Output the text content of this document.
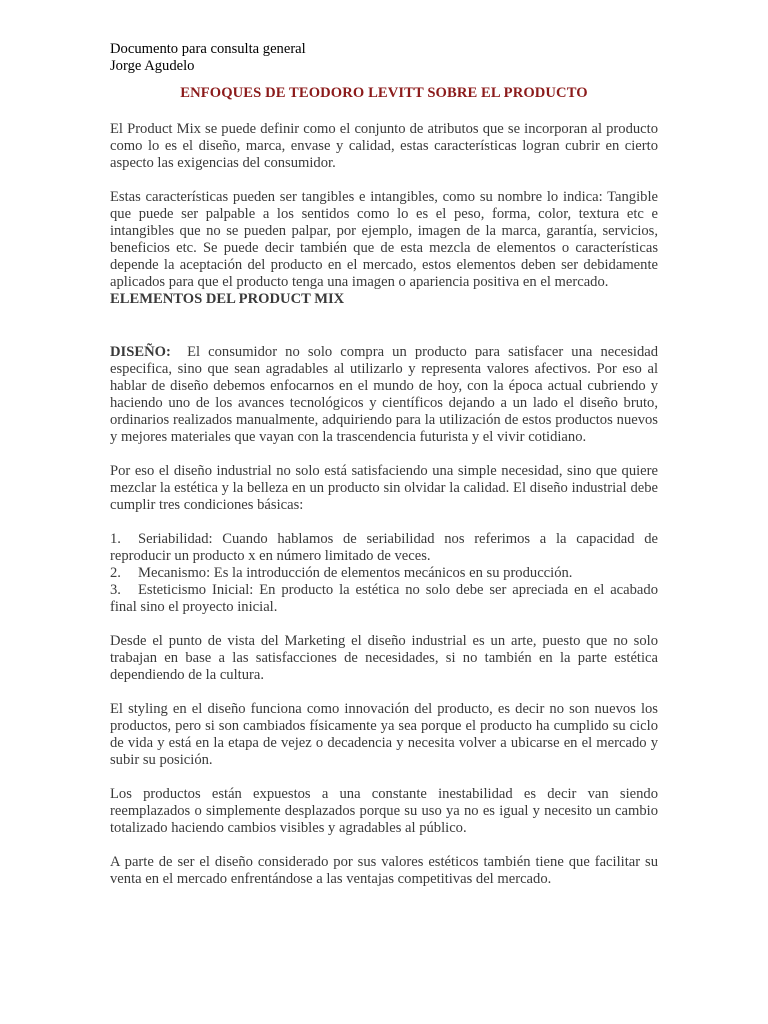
Documento para consulta general
Jorge Agudelo
ENFOQUES DE TEODORO LEVITT SOBRE EL PRODUCTO

El Product Mix se puede definir como el conjunto de atributos que se incorporan al producto como lo es el diseño, marca, envase y calidad, estas características logran cubrir en cierto aspecto las exigencias del consumidor.

Estas características pueden ser tangibles e intangibles, como su nombre lo indica: Tangible que puede ser palpable a los sentidos como lo es el peso, forma, color, textura etc e intangibles que no se pueden palpar, por ejemplo, imagen de la marca, garantía, servicios, beneficios etc. Se puede decir también que de esta mezcla de elementos o características depende la aceptación del producto en el mercado, estos elementos deben ser debidamente aplicados para que el producto tenga una imagen o apariencia positiva en el mercado.

ELEMENTOS DEL PRODUCT MIX

DISEÑO: El consumidor no solo compra un producto para satisfacer una necesidad especifica, sino que sean agradables al utilizarlo y representa valores afectivos. Por eso al hablar de diseño debemos enfocarnos en el mundo de hoy, con la época actual cubriendo y haciendo uno de los avances tecnológicos y científicos dejando a un lado el diseño bruto, ordinarios realizados manualmente, adquiriendo para la utilización de estos productos nuevos y mejores materiales que vayan con la trascendencia futurista y el vivir cotidiano.

Por eso el diseño industrial no solo está satisfaciendo una simple necesidad, sino que quiere mezclar la estética y la belleza en un producto sin olvidar la calidad. El diseño industrial debe cumplir tres condiciones básicas:

1. Seriabilidad: Cuando hablamos de seriabilidad nos referimos a la capacidad de reproducir un producto x en número limitado de veces.

2. Mecanismo: Es la introducción de elementos mecánicos en su producción.

3. Esteticismo Inicial: En producto la estética no solo debe ser apreciada en el acabado final sino el proyecto inicial.

Desde el punto de vista del Marketing el diseño industrial es un arte, puesto que no solo trabajan en base a las satisfacciones de necesidades, si no también en la parte estética dependiendo de la cultura.

El styling en el diseño funciona como innovación del producto, es decir no son nuevos los productos, pero si son cambiados físicamente ya sea porque el producto ha cumplido su ciclo de vida y está en la etapa de vejez o decadencia y necesita volver a ubicarse en el mercado y subir su posición.

Los productos están expuestos a una constante inestabilidad es decir van siendo reemplazados o simplemente desplazados porque su uso ya no es igual y necesito un cambio totalizado haciendo cambios visibles y agradables al público.

A parte de ser el diseño considerado por sus valores estéticos también tiene que facilitar su venta en el mercado enfrentándose a las ventajas competitivas del mercado.
